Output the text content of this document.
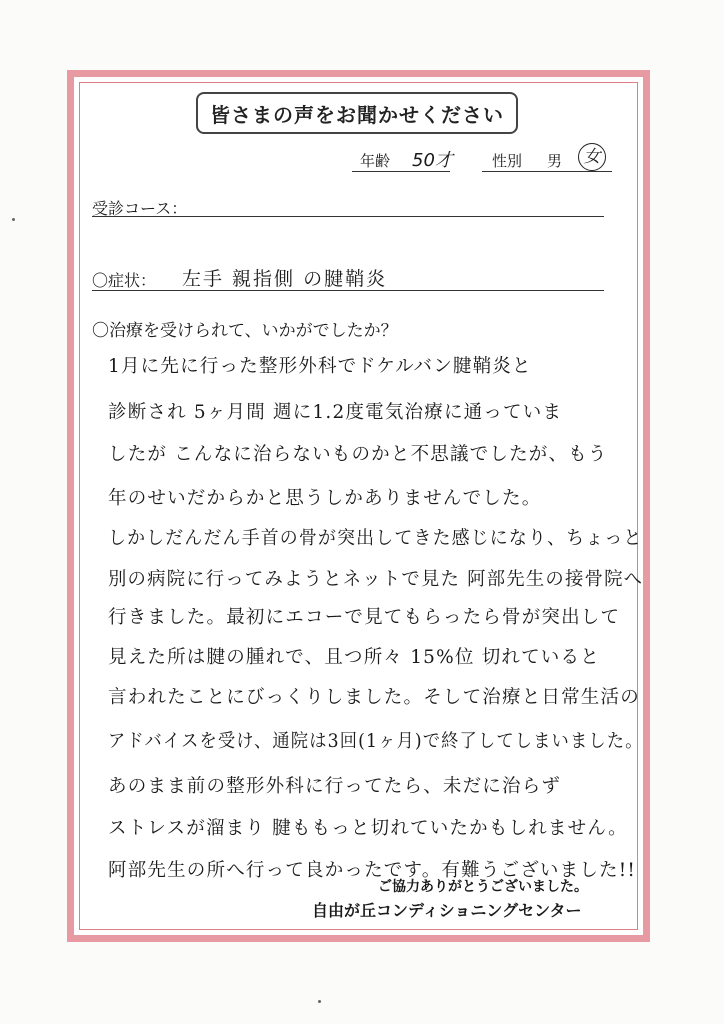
皆さまの声をお聞かせください
年齢 50才	性別 男	女
受診コース：
〇症状： 左手 親指側 の腱鞘炎
〇治療を受けられて、いかがでしたか？
1月に先に行った整形外科でドケルバン腱鞘炎と
診断され 5ヶ月間 週に1.2度電気治療に通っていま
したが こんなに治らないものかと不思議でしたが、もう
年のせいだからかと思うしかありませんでした。
しかしだんだん手首の骨が突出してきた感じになり、ちょっと
別の病院に行ってみようとネットで見た 阿部先生の接骨院へ
行きました。最初にエコーで見てもらったら骨が突出して
見えた所は腱の腫れで、且つ所々 15%位 切れていると
言われたことにびっくりしました。そして治療と日常生活の
アドバイスを受け、通院は3回(1ヶ月)で終了してしまいました。
あのまま前の整形外科に行ってたら、未だに治らず
ストレスが溜まり 腱ももっと切れていたかもしれません。
阿部先生の所へ行って良かったです。有難うございました!!
ご協力ありがとうございました。
自由が丘コンディショニングセンター
